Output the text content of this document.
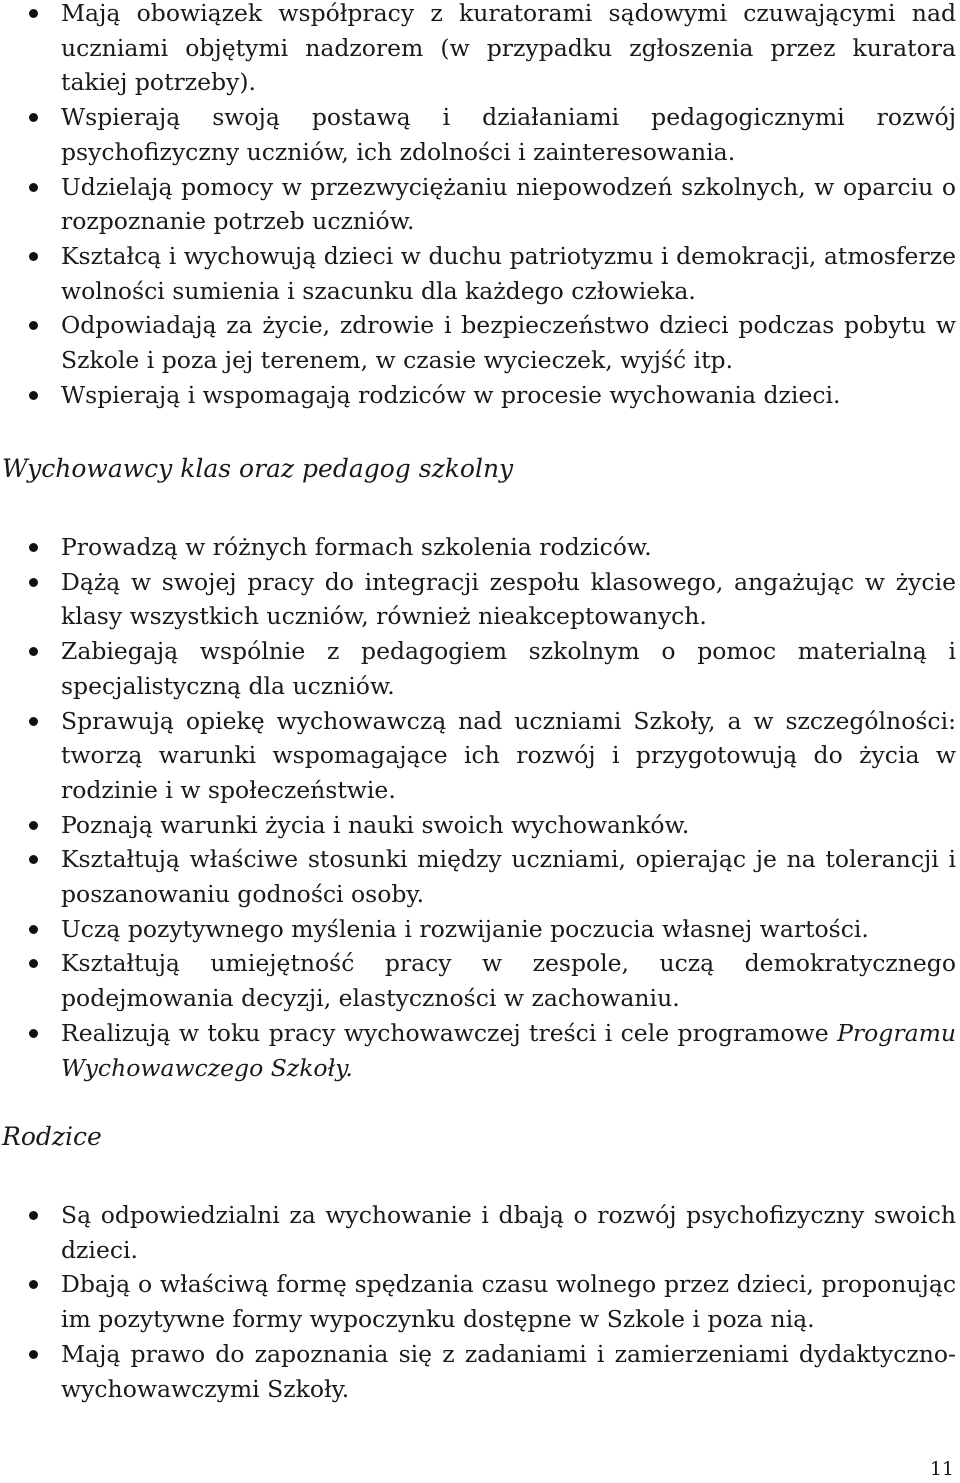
Mają obowiązek współpracy z kuratorami sądowymi czuwającymi nad uczniami objętymi nadzorem (w przypadku zgłoszenia przez kuratora takiej potrzeby).
Wspierają swoją postawą i działaniami pedagogicznymi rozwój psychofizyczny uczniów, ich zdolności i zainteresowania.
Udzielają pomocy w przezwyciężaniu niepowodzeń szkolnych, w oparciu o rozpoznanie potrzeb uczniów.
Kształcą i wychowują dzieci w duchu patriotyzmu i demokracji, atmosferze wolności sumienia i szacunku dla każdego człowieka.
Odpowiadają za życie, zdrowie i bezpieczeństwo dzieci podczas pobytu w Szkole i poza jej terenem, w czasie wycieczek, wyjść itp.
Wspierają i wspomagają rodziców w procesie wychowania dzieci.
Wychowawcy klas oraz pedagog szkolny
Prowadzą w różnych formach szkolenia rodziców.
Dążą w swojej pracy do integracji zespołu klasowego, angażując w życie klasy wszystkich uczniów, również nieakceptowanych.
Zabiegają wspólnie z pedagogiem szkolnym o pomoc materialną i specjalistyczną dla uczniów.
Sprawują opiekę wychowawczą nad uczniami Szkoły, a w szczególności: tworzą warunki wspomagające ich rozwój i przygotowują do życia w rodzinie i w społeczeństwie.
Poznają warunki życia i nauki swoich wychowanków.
Kształtują właściwe stosunki między uczniami, opierając je na tolerancji i poszanowaniu godności osoby.
Uczą pozytywnego myślenia i rozwijanie poczucia własnej wartości.
Kształtują umiejętność pracy w zespole, uczą demokratycznego podejmowania decyzji, elastyczności w zachowaniu.
Realizują w toku pracy wychowawczej treści i cele programowe Programu Wychowawczego Szkoły.
Rodzice
Są odpowiedzialni za wychowanie i dbają o rozwój psychofizyczny swoich dzieci.
Dbają o właściwą formę spędzania czasu wolnego przez dzieci, proponując im pozytywne formy wypoczynku dostępne w Szkole i poza nią.
Mają prawo do zapoznania się z zadaniami i zamierzeniami dydaktyczno-wychowawczymi Szkoły.
11
